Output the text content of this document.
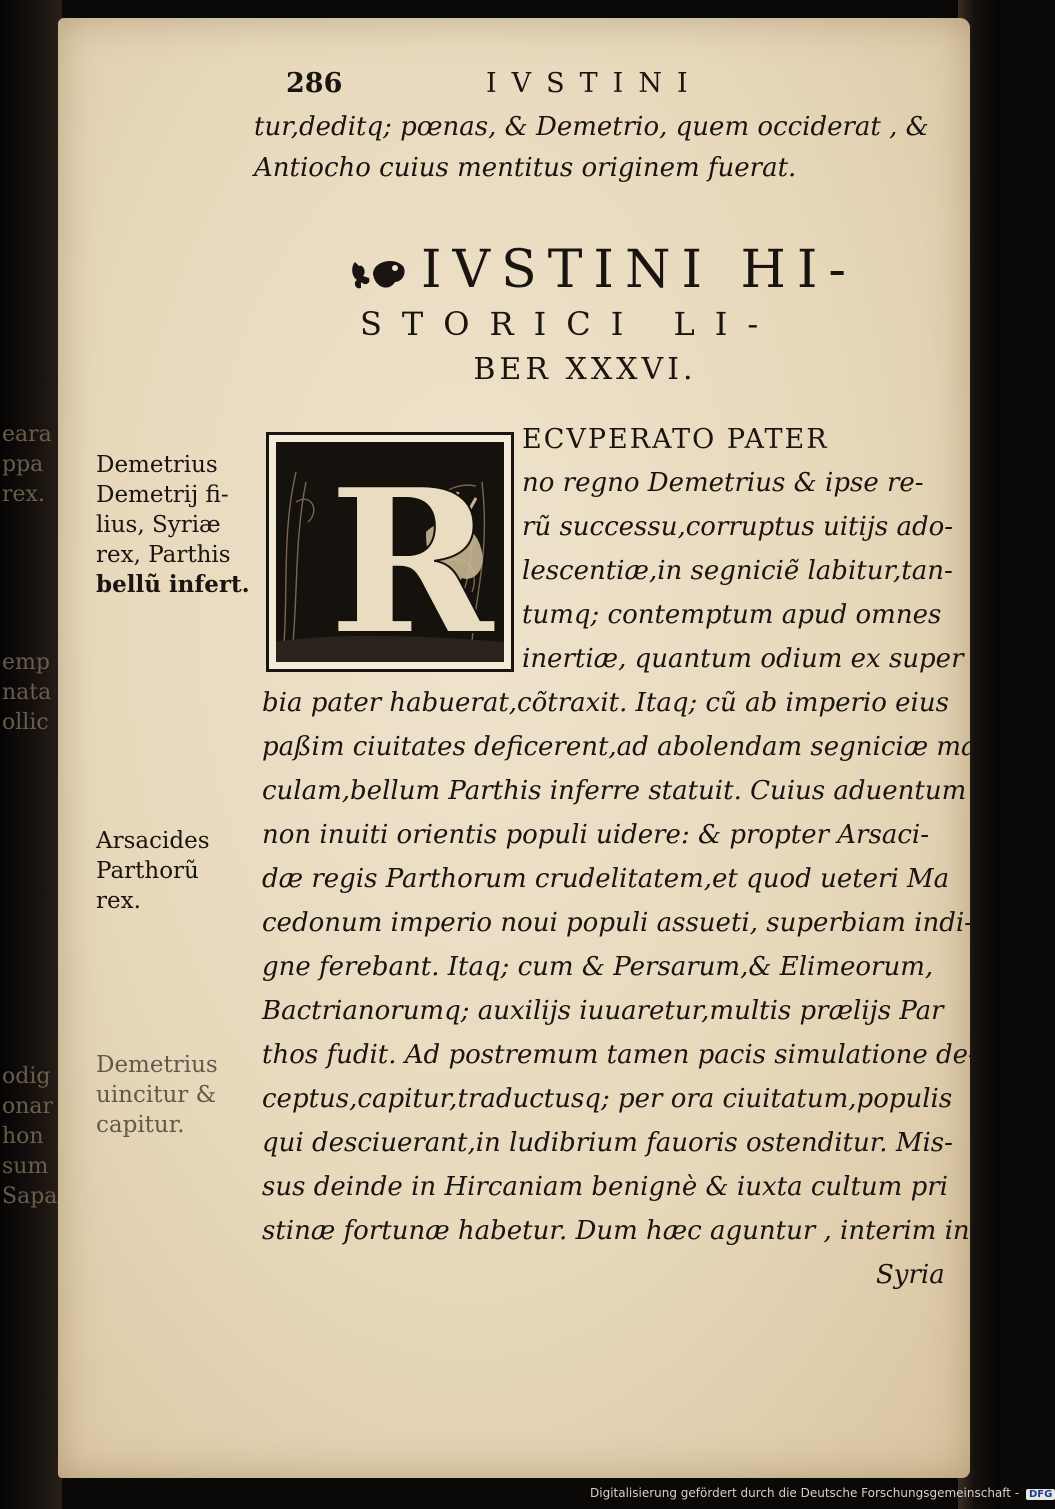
eara
ppa
rex.
emp
nata
ollic
odig
onar
hon
sum
Sapa
286	IVSTINI
tur,deditq; pœnas, & Demetrio, quem occiderat , &
Antiocho cuius mentitus originem fuerat.
IVSTINI HI-
STORICI LI-
BER XXXVI.
R
ECVPERATO PATER
no regno Demetrius & ipse re-
rũ successu,corruptus uitijs ado-
lescentiæ,in segniciẽ labitur,tan-
tumq; contemptum apud omnes
inertiæ, quantum odium ex super
bia pater habuerat,cõtraxit. Itaq; cũ ab imperio eius
paßim ciuitates deficerent,ad abolendam segniciæ ma
culam,bellum Parthis inferre statuit. Cuius aduentum
non inuiti orientis populi uidere: & propter Arsaci-
dæ regis Parthorum crudelitatem,et quod ueteri Ma
cedonum imperio noui populi assueti, superbiam indi-
gne ferebant. Itaq; cum & Persarum,& Elimeorum,
Bactrianorumq; auxilijs iuuaretur,multis prælijs Par
thos fudit. Ad postremum tamen pacis simulatione de-
ceptus,capitur,traductusq; per ora ciuitatum,populis
qui desciuerant,in ludibrium fauoris ostenditur. Mis-
sus deinde in Hircaniam benignè & iuxta cultum pri
stinæ fortunæ habetur. Dum hæc aguntur , interim in
Syria
Demetrius
Demetrij fi-
lius, Syriæ
rex, Parthis
bellũ infert.
Arsacides
Parthorũ
rex.
Demetrius
uincitur &
capitur.
Digitalisierung gefördert durch die Deutsche Forschungsgemeinschaft - DFG
